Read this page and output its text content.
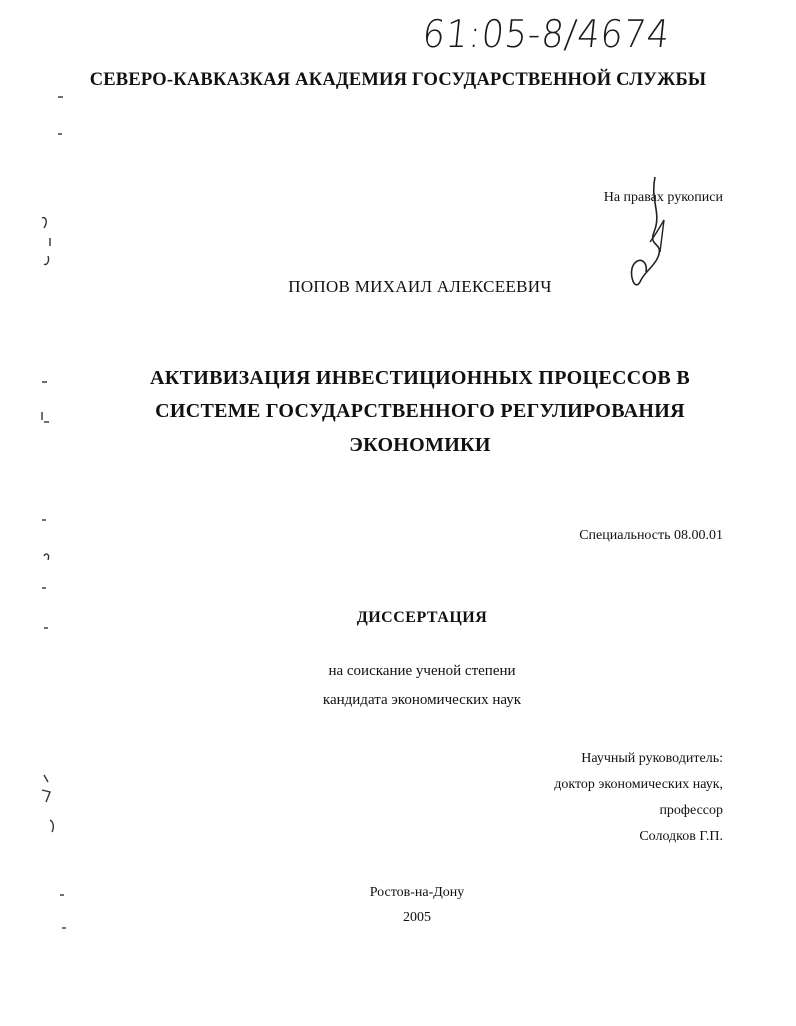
61:05-8/4674
СЕВЕРО-КАВКАЗКАЯ АКАДЕМИЯ ГОСУДАРСТВЕННОЙ СЛУЖБЫ
На правах рукописи
ПОПОВ МИХАИЛ АЛЕКСЕЕВИЧ
АКТИВИЗАЦИЯ ИНВЕСТИЦИОННЫХ ПРОЦЕССОВ В
СИСТЕМЕ ГОСУДАРСТВЕННОГО РЕГУЛИРОВАНИЯ
ЭКОНОМИКИ
Специальность 08.00.01
ДИССЕРТАЦИЯ
на соискание ученой степени
кандидата экономических наук
Научный руководитель:
доктор экономических наук,
профессор
Солодков Г.П.
Ростов-на-Дону
2005
